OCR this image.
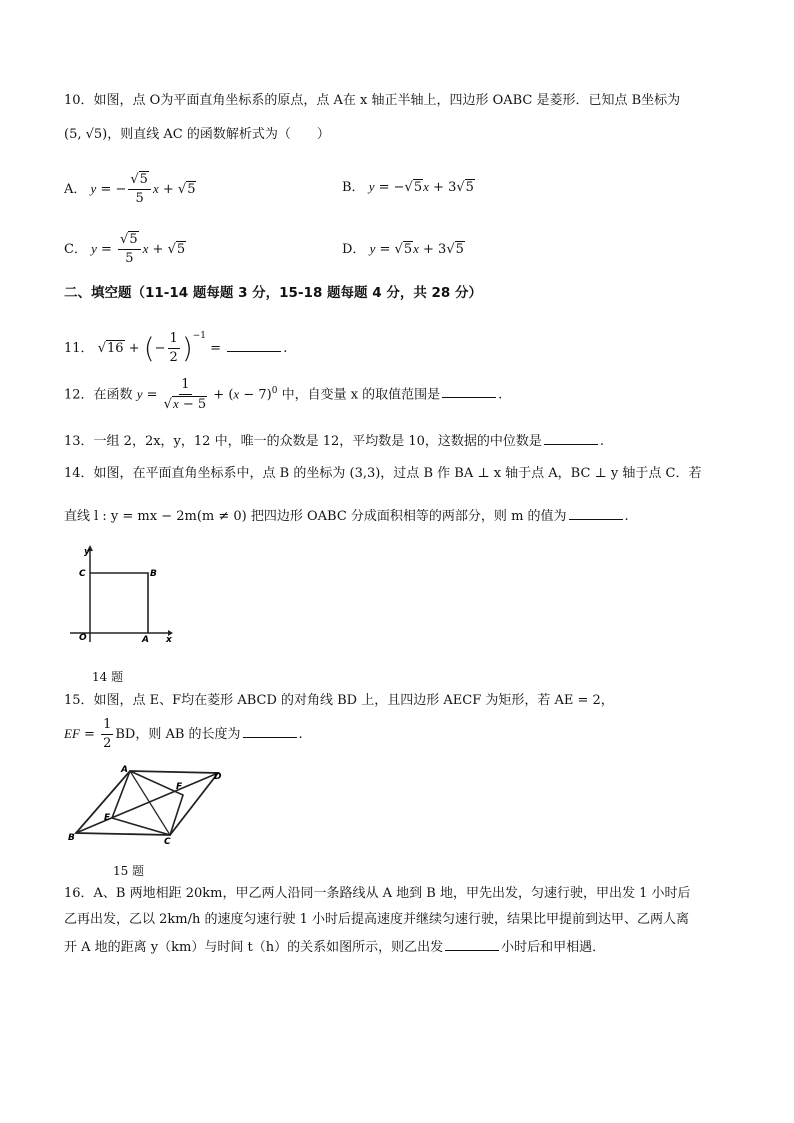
10．如图，点 O为平面直角坐标系的原点，点 A在 x 轴正半轴上，四边形 OABC 是菱形．已知点 B坐标为
(5, √5)，则直线 AC 的函数解析式为（　　）
A． y = − $\frac{√5}{5}$ x + √5	B． y = −√5x + 3√5
C． $y = \frac{√5}{5}$ x + √5	D． y = √5x + 3√5
二、填空题（11-14 题每题 3 分，15-18 题每题 4 分，共 28 分）
11． √16 + (− $\frac{1}{2} )^{-1}$ =	.
12．在函数 $y = \frac{1}{√x - 5} + (x - 7)^0$ 中，自变量 x 的取值范围是	.
13．一组 2，2x，y，12 中，唯一的众数是 12，平均数是 10，这数据的中位数是	.
14．如图，在平面直角坐标系中，点 B 的坐标为 (3,3)，过点 B 作 BA ⊥ x 轴于点 A，BC ⊥ y 轴于点 C．若
直线 l : y = mx − 2m(m ≠ 0) 把四边形 OABC 分成面积相等的两部分，则 m 的值为	.
y
x
O	A
B
C
14 题
15．如图，点 E、F均在菱形 ABCD 的对角线 BD 上，且四边形 AECF 为矩形，若 AE = 2，
EF = $\frac{1}{2}$ BD，则 AB 的长度为	.
A
D
F
E
B	C
15 题
16．A、B 两地相距 20km，甲乙两人沿同一条路线从 A 地到 B 地，甲先出发，匀速行驶，甲出发 1 小时后
乙再出发，乙以 2km/h 的速度匀速行驶 1 小时后提高速度并继续匀速行驶，结果比甲提前到达甲、乙两人离
开 A 地的距离 y（km）与时间 t（h）的关系如图所示，则乙出发	小时后和甲相遇．
